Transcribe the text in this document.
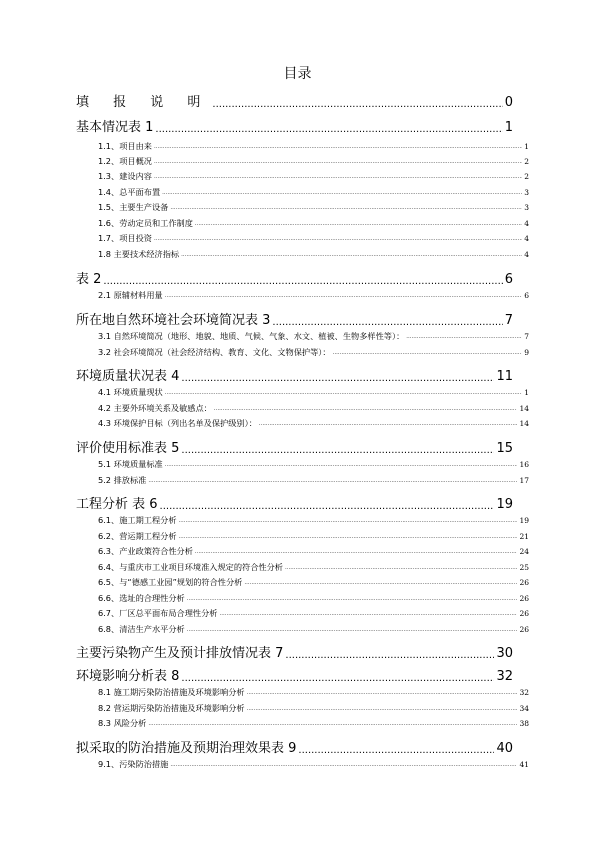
目录
填 报 说 明 .....	0
基本情况表 1 .....	1
1.1、项目由来 .....	1
1.2、项目概况 .....	2
1.3、建设内容 .....	2
1.4、总平面布置 .....	3
1.5、主要生产设备 .....	3
1.6、劳动定员和工作制度 .....	4
1.7、项目投资 .....	4
1.8 主要技术经济指标 .....	4
表 2 .....	6
2.1 原辅材料用量 .....	6
所在地自然环境社会环境简况表 3 .....	7
3.1 自然环境简况（地形、地貌、地质、气候、气象、水文、植被、生物多样性等）： .....	7
3.2 社会环境简况（社会经济结构、教育、文化、文物保护等）： .....	9
环境质量状况表 4 .....	11
4.1 环境质量现状 .....	1
4.2 主要外环境关系及敏感点： .....	14
4.3 环境保护目标（列出名单及保护级别）： .....	14
评价使用标准表 5 .....	15
5.1 环境质量标准 .....	16
5.2 排放标准 .....	17
工程分析 表 6 .....	19
6.1、施工期工程分析 .....	19
6.2、营运期工程分析 .....	21
6.3、产业政策符合性分析 .....	24
6.4、与重庆市工业项目环境准入规定的符合性分析 .....	25
6.5、与“德感工业园”规划的符合性分析 .....	26
6.6、选址的合理性分析 .....	26
6.7、厂区总平面布局合理性分析 .....	26
6.8、清洁生产水平分析 .....	26
主要污染物产生及预计排放情况表 7 .....	30
环境影响分析表 8 .....	32
8.1 施工期污染防治措施及环境影响分析 .....	32
8.2 营运期污染防治措施及环境影响分析 .....	34
8.3 风险分析 .....	38
拟采取的防治措施及预期治理效果表 9 .....	40
9.1、污染防治措施 .....	41
